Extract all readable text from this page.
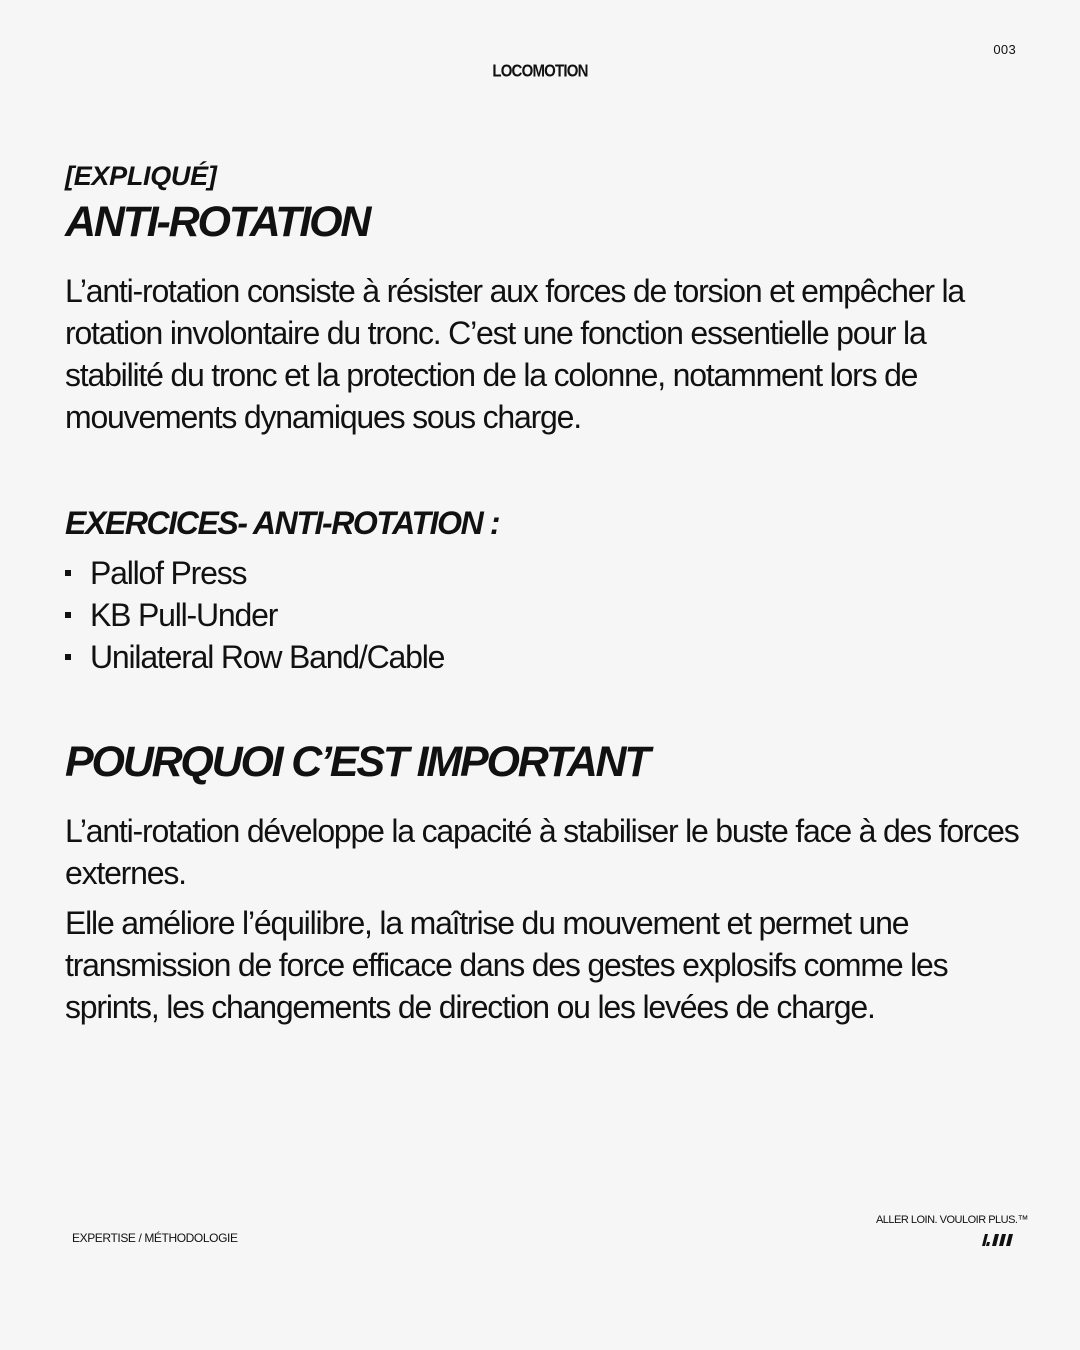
003
LOCOMOTION
[EXPLIQUÉ]
ANTI-ROTATION

L’anti-rotation consiste à résister aux forces de torsion et empêcher la rotation involontaire du tronc. C’est une fonction essentielle pour la stabilité du tronc et la protection de la colonne, notamment lors de mouvements dynamiques sous charge.

EXERCICES- ANTI-ROTATION :
Pallof Press
KB Pull-Under
Unilateral Row Band/Cable
POURQUOI C’EST IMPORTANT

L’anti-rotation développe la capacité à stabiliser le buste face à des forces externes.

Elle améliore l’équilibre, la maîtrise du mouvement et permet une transmission de force efficace dans des gestes explosifs comme les sprints, les changements de direction ou les levées de charge.

EXPERTISE / MÉTHODOLOGIE
ALLER LOIN. VOULOIR PLUS.™
